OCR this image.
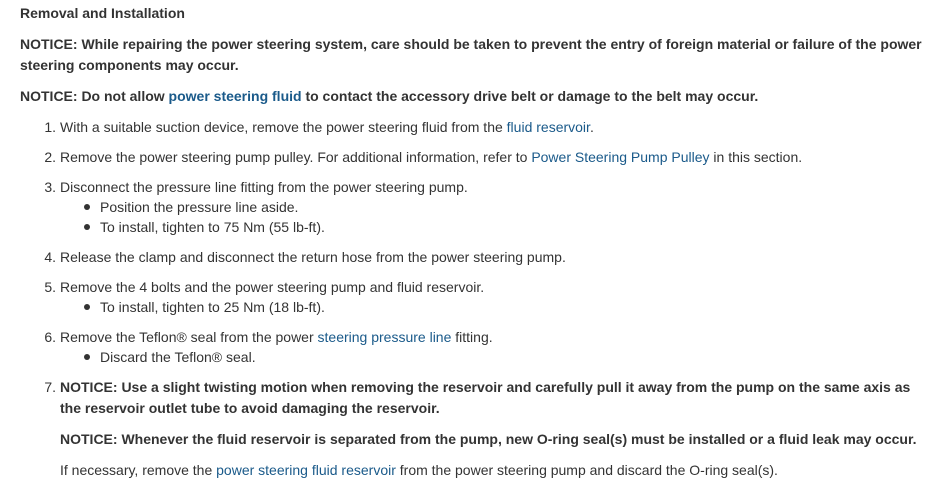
Removal and Installation
NOTICE: While repairing the power steering system, care should be taken to prevent the entry of foreign material or failure of the power
steering components may occur.
NOTICE: Do not allow power steering fluid to contact the accessory drive belt or damage to the belt may occur.
1. With a suitable suction device, remove the power steering fluid from the fluid reservoir.
2. Remove the power steering pump pulley. For additional information, refer to Power Steering Pump Pulley in this section.
3. Disconnect the pressure line fitting from the power steering pump.
Position the pressure line aside.
To install, tighten to 75 Nm (55 lb-ft).
4. Release the clamp and disconnect the return hose from the power steering pump.
5. Remove the 4 bolts and the power steering pump and fluid reservoir.
To install, tighten to 25 Nm (18 lb-ft).
6. Remove the Teflon® seal from the power steering pressure line fitting.
Discard the Teflon® seal.
7. NOTICE: Use a slight twisting motion when removing the reservoir and carefully pull it away from the pump on the same axis as
the reservoir outlet tube to avoid damaging the reservoir.
NOTICE: Whenever the fluid reservoir is separated from the pump, new O-ring seal(s) must be installed or a fluid leak may occur.
If necessary, remove the power steering fluid reservoir from the power steering pump and discard the O-ring seal(s).
